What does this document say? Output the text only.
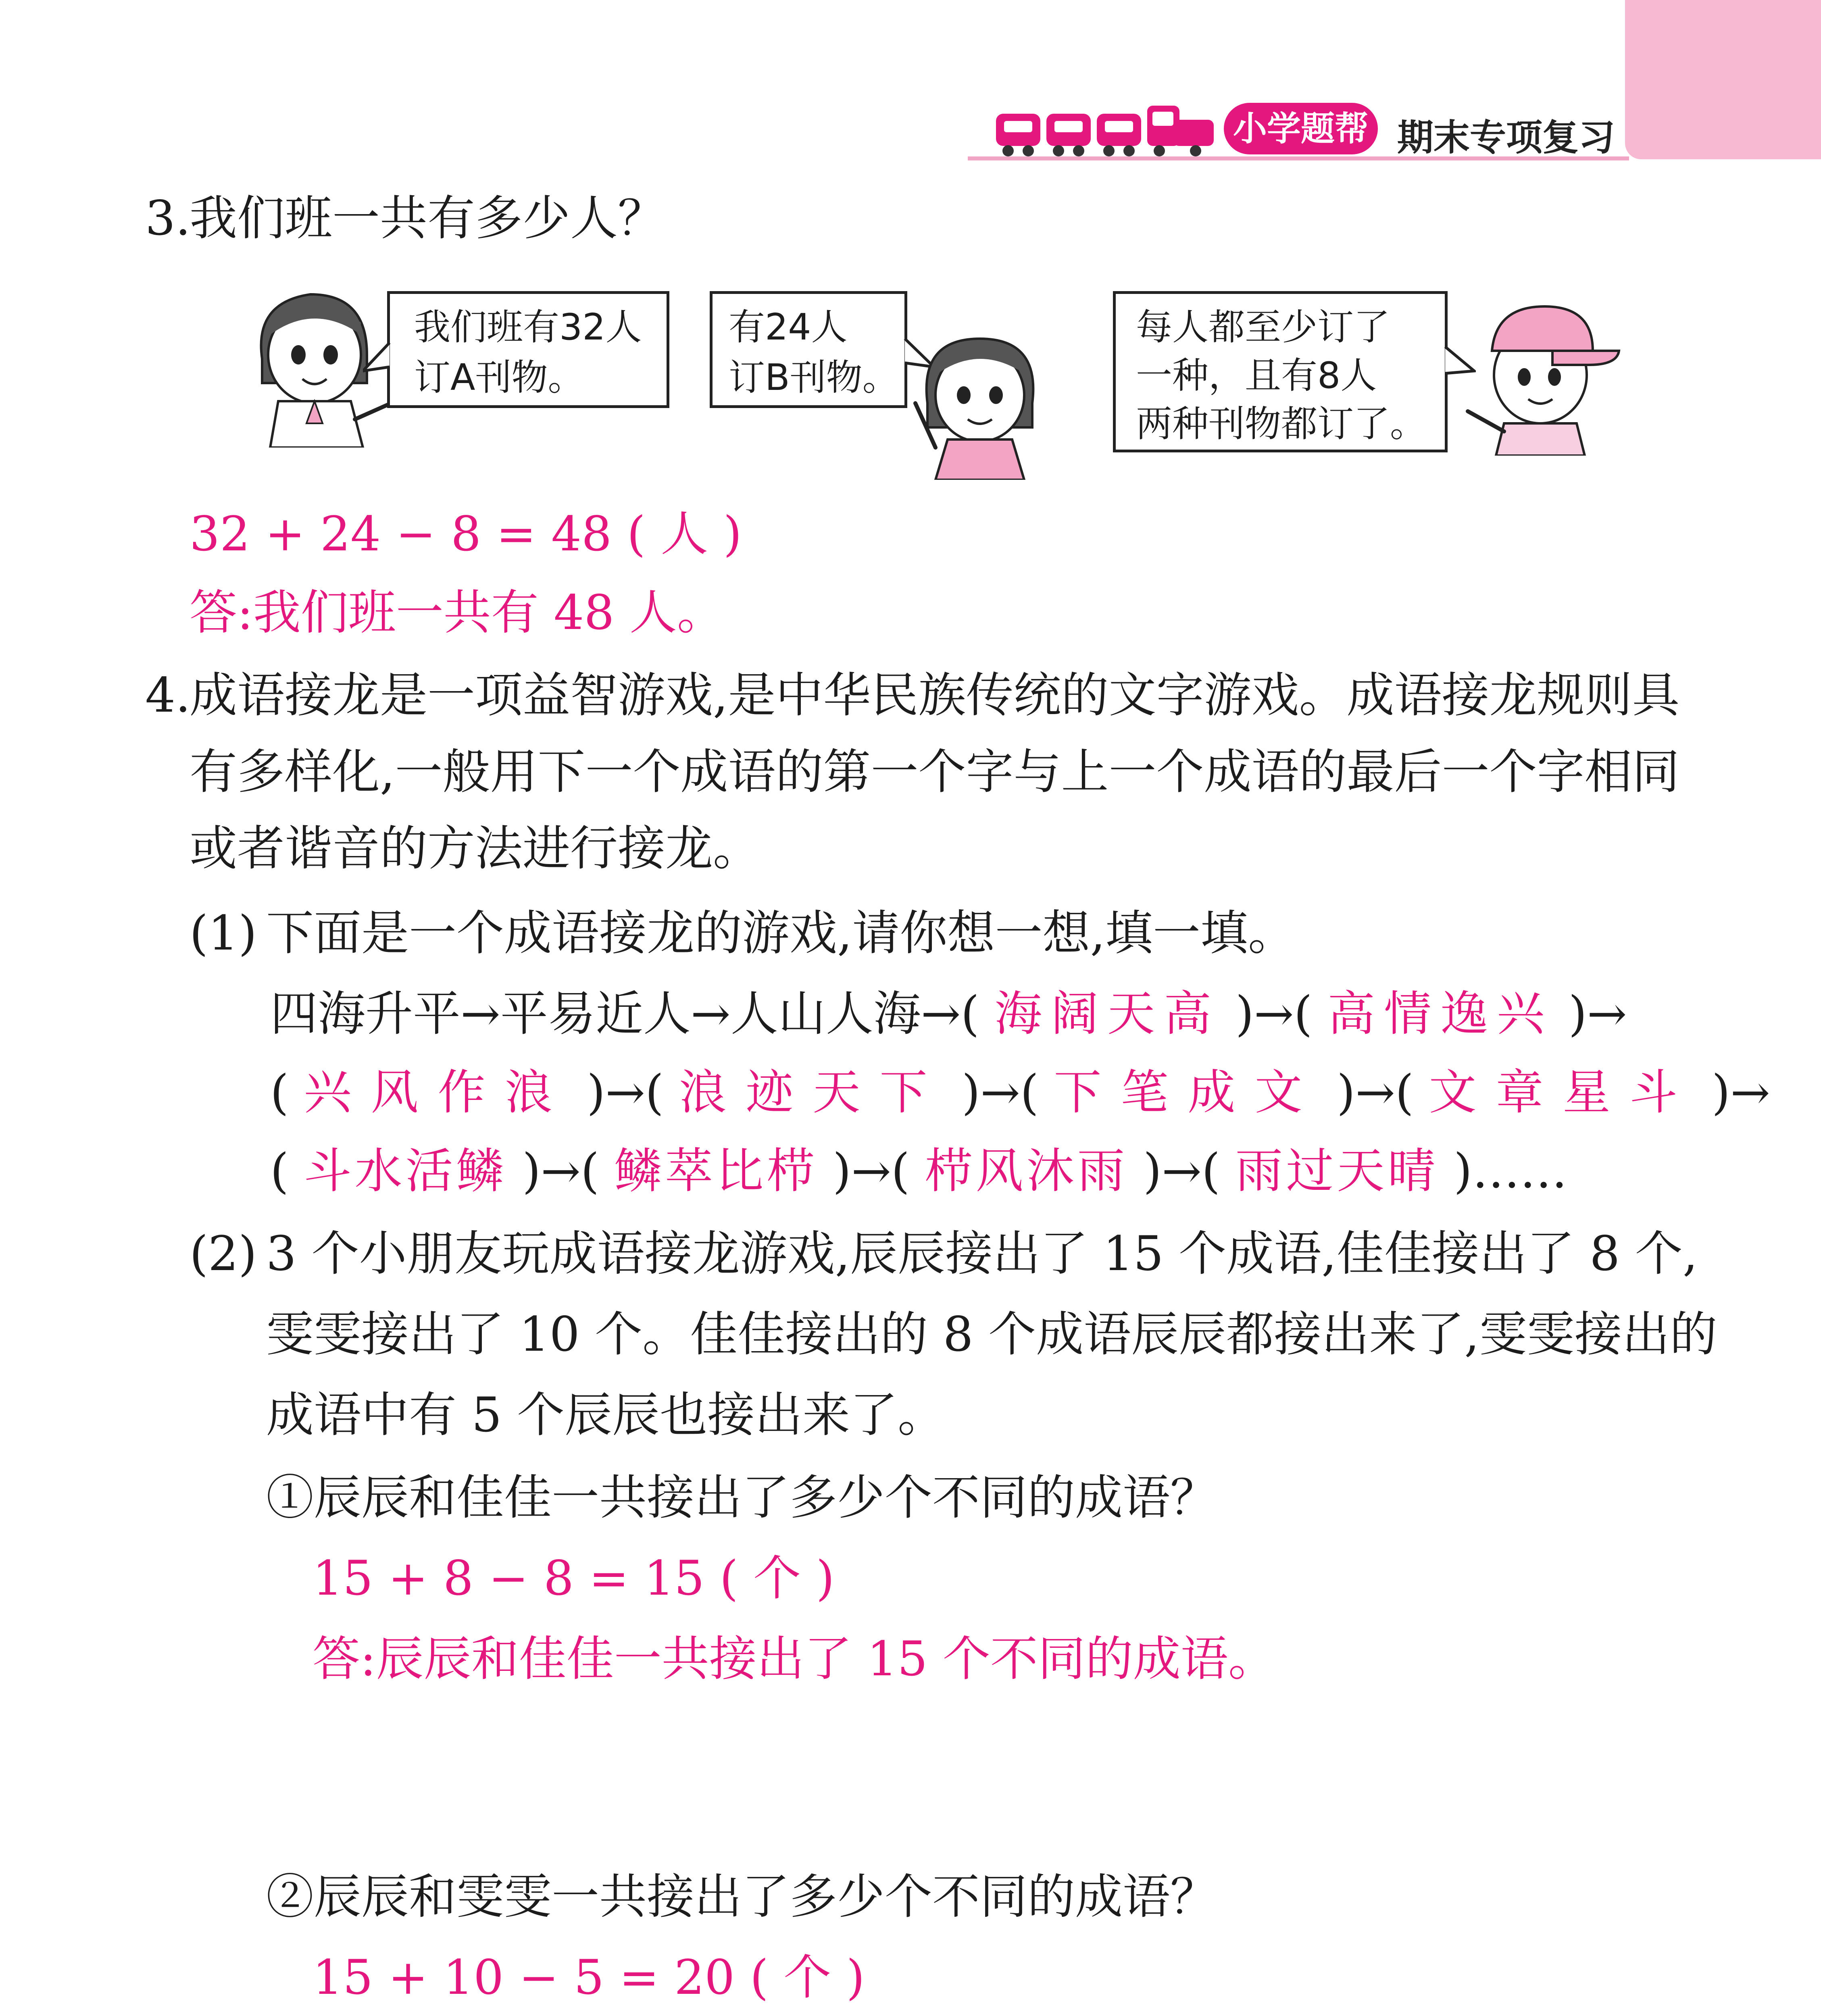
小学题帮 期末专项复习
3.
我们班一共有多少人？
我们班有32人
订A刊物。
有24人
订B刊物。
每人都至少订了
一种，且有8人
两种刊物都订了。
32 + 24 − 8 = 48 ( 人 )
答:我们班一共有 48 人。
4.
成语接龙是一项益智游戏,是中华民族传统的文字游戏。成语接龙规则具
有多样化,一般用下一个成语的第一个字与上一个成语的最后一个字相同
或者谐音的方法进行接龙。
(1) 下面是一个成语接龙的游戏,请你想一想,填一填。
四海升平→平易近人→人山人海→( 海阔天高 )→( 高情逸兴 )→
( 兴风作浪 )→( 浪迹天下 )→( 下笔成文 )→( 文章星斗 )→
( 斗水活鳞 )→( 鳞萃比栉 )→( 栉风沐雨 )→( 雨过天晴 )……
(2) 3 个小朋友玩成语接龙游戏,辰辰接出了 15 个成语,佳佳接出了 8 个,
雯雯接出了 10 个。佳佳接出的 8 个成语辰辰都接出来了,雯雯接出的
成语中有 5 个辰辰也接出来了。
①辰辰和佳佳一共接出了多少个不同的成语？
15 + 8 − 8 = 15 ( 个 )
答:辰辰和佳佳一共接出了 15 个不同的成语。
②辰辰和雯雯一共接出了多少个不同的成语？
15 + 10 − 5 = 20 ( 个 )
